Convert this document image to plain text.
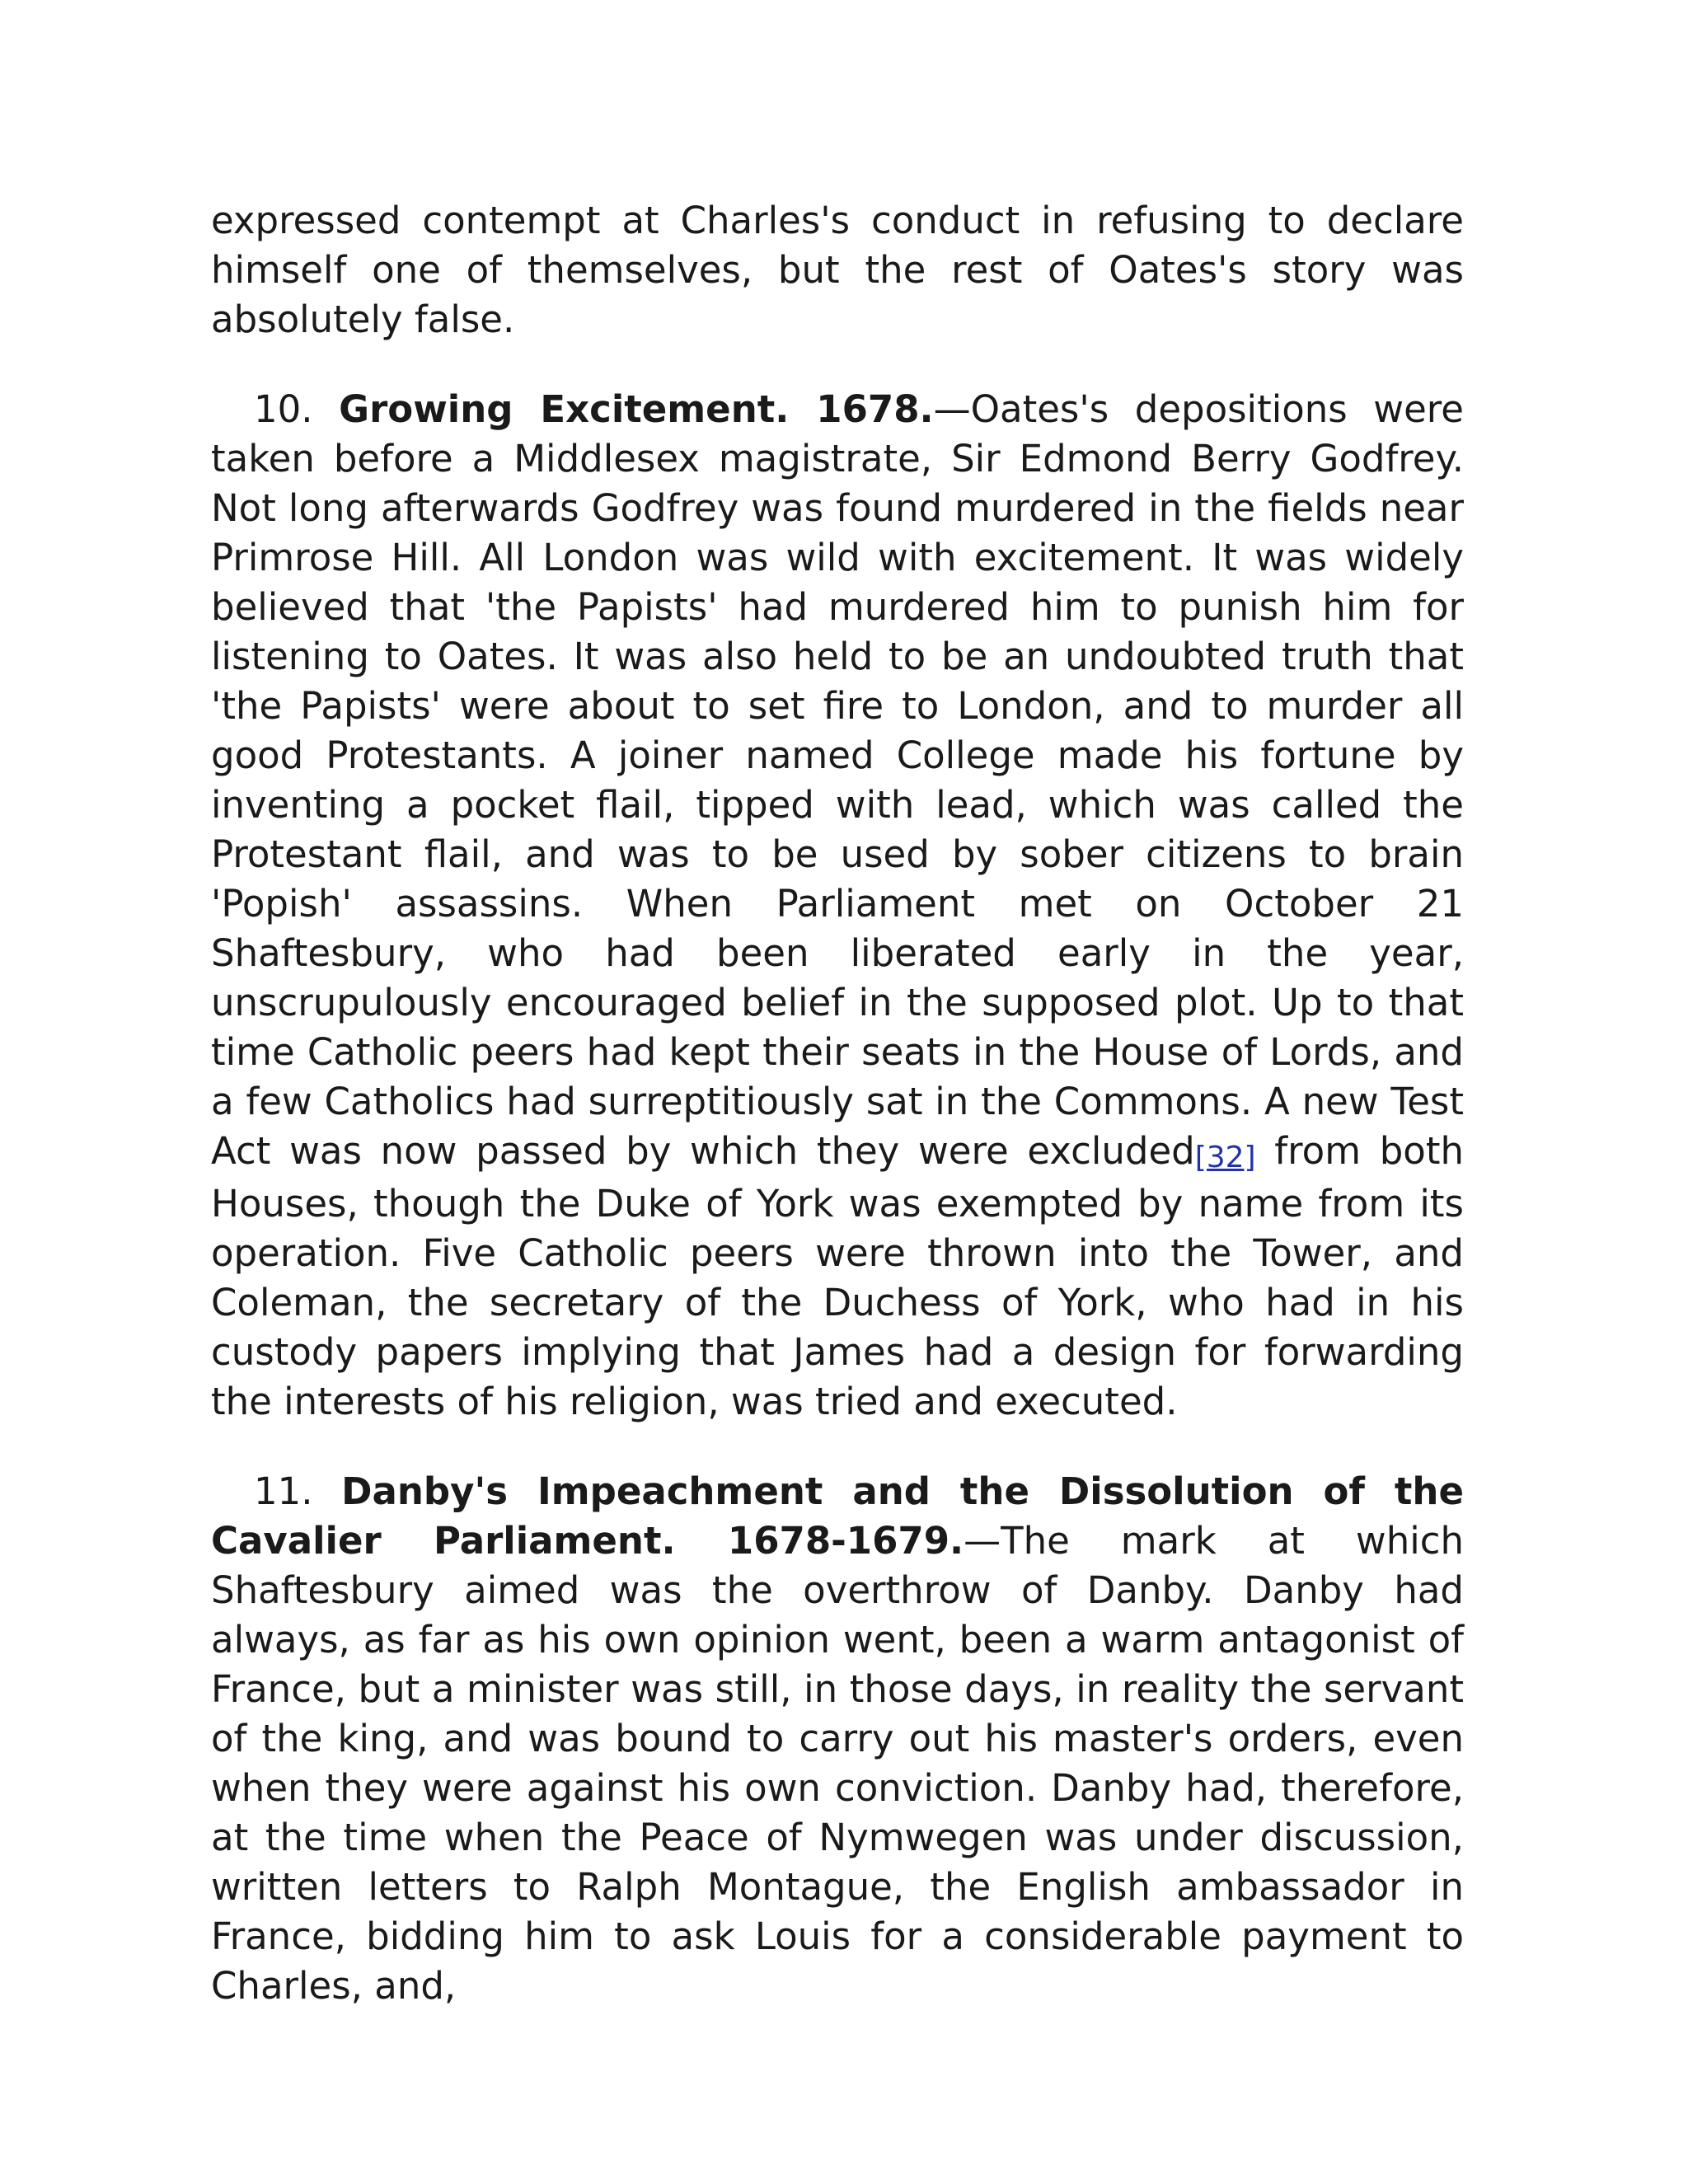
expressed contempt at Charles's conduct in refusing to declare himself one of themselves, but the rest of Oates's story was absolutely false.

10. Growing Excitement. 1678.—Oates's depositions were taken before a Middlesex magistrate, Sir Edmond Berry Godfrey. Not long afterwards Godfrey was found murdered in the fields near Primrose Hill. All London was wild with excitement. It was widely believed that 'the Papists' had murdered him to punish him for listening to Oates. It was also held to be an undoubted truth that 'the Papists' were about to set fire to London, and to murder all good Protestants. A joiner named College made his fortune by inventing a pocket flail, tipped with lead, which was called the Protestant flail, and was to be used by sober citizens to brain 'Popish' assassins. When Parliament met on October 21 Shaftesbury, who had been liberated early in the year, unscrupulously encouraged belief in the supposed plot. Up to that time Catholic peers had kept their seats in the House of Lords, and a few Catholics had surreptitiously sat in the Commons. A new Test Act was now passed by which they were excluded[32] from both Houses, though the Duke of York was exempted by name from its operation. Five Catholic peers were thrown into the Tower, and Coleman, the secretary of the Duchess of York, who had in his custody papers implying that James had a design for forwarding the interests of his religion, was tried and executed.

11. Danby's Impeachment and the Dissolution of the Cavalier Parliament. 1678-1679.—The mark at which Shaftesbury aimed was the overthrow of Danby. Danby had always, as far as his own opinion went, been a warm antagonist of France, but a minister was still, in those days, in reality the servant of the king, and was bound to carry out his master's orders, even when they were against his own conviction. Danby had, therefore, at the time when the Peace of Nymwegen was under discussion, written letters to Ralph Montague, the English ambassador in France, bidding him to ask Louis for a considerable payment to Charles, and,
